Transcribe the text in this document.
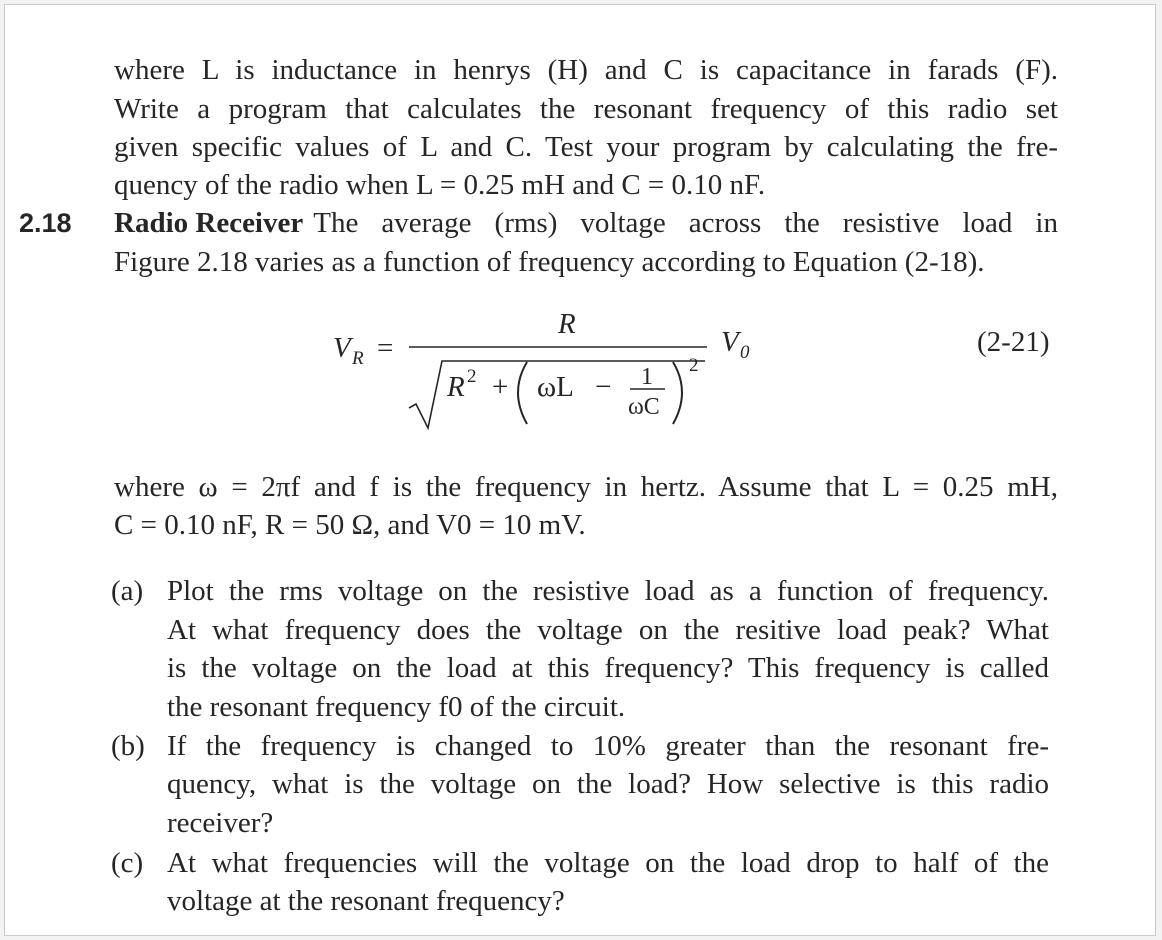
where L is inductance in henrys (H) and C is capacitance in farads (F).
Write a program that calculates the resonant frequency of this radio set
given specific values of L and C. Test your program by calculating the fre-
quency of the radio when L = 0.25 mH and C = 0.10 nF.
2.18 Radio Receiver The average (rms) voltage across the resistive load in
Figure 2.18 varies as a function of frequency according to Equation (2-18).
V R =
R
R 2 + ωL − 1
ωC
2
V 0	(2-21)
where ω = 2πf and f is the frequency in hertz. Assume that L = 0.25 mH,
C = 0.10 nF, R = 50 Ω, and V0 = 10 mV.
(a) Plot the rms voltage on the resistive load as a function of frequency.
At what frequency does the voltage on the resitive load peak? What
is the voltage on the load at this frequency? This frequency is called
the resonant frequency f0 of the circuit.
(b) If the frequency is changed to 10% greater than the resonant fre-
quency, what is the voltage on the load? How selective is this radio
receiver?
(c) At what frequencies will the voltage on the load drop to half of the
voltage at the resonant frequency?
